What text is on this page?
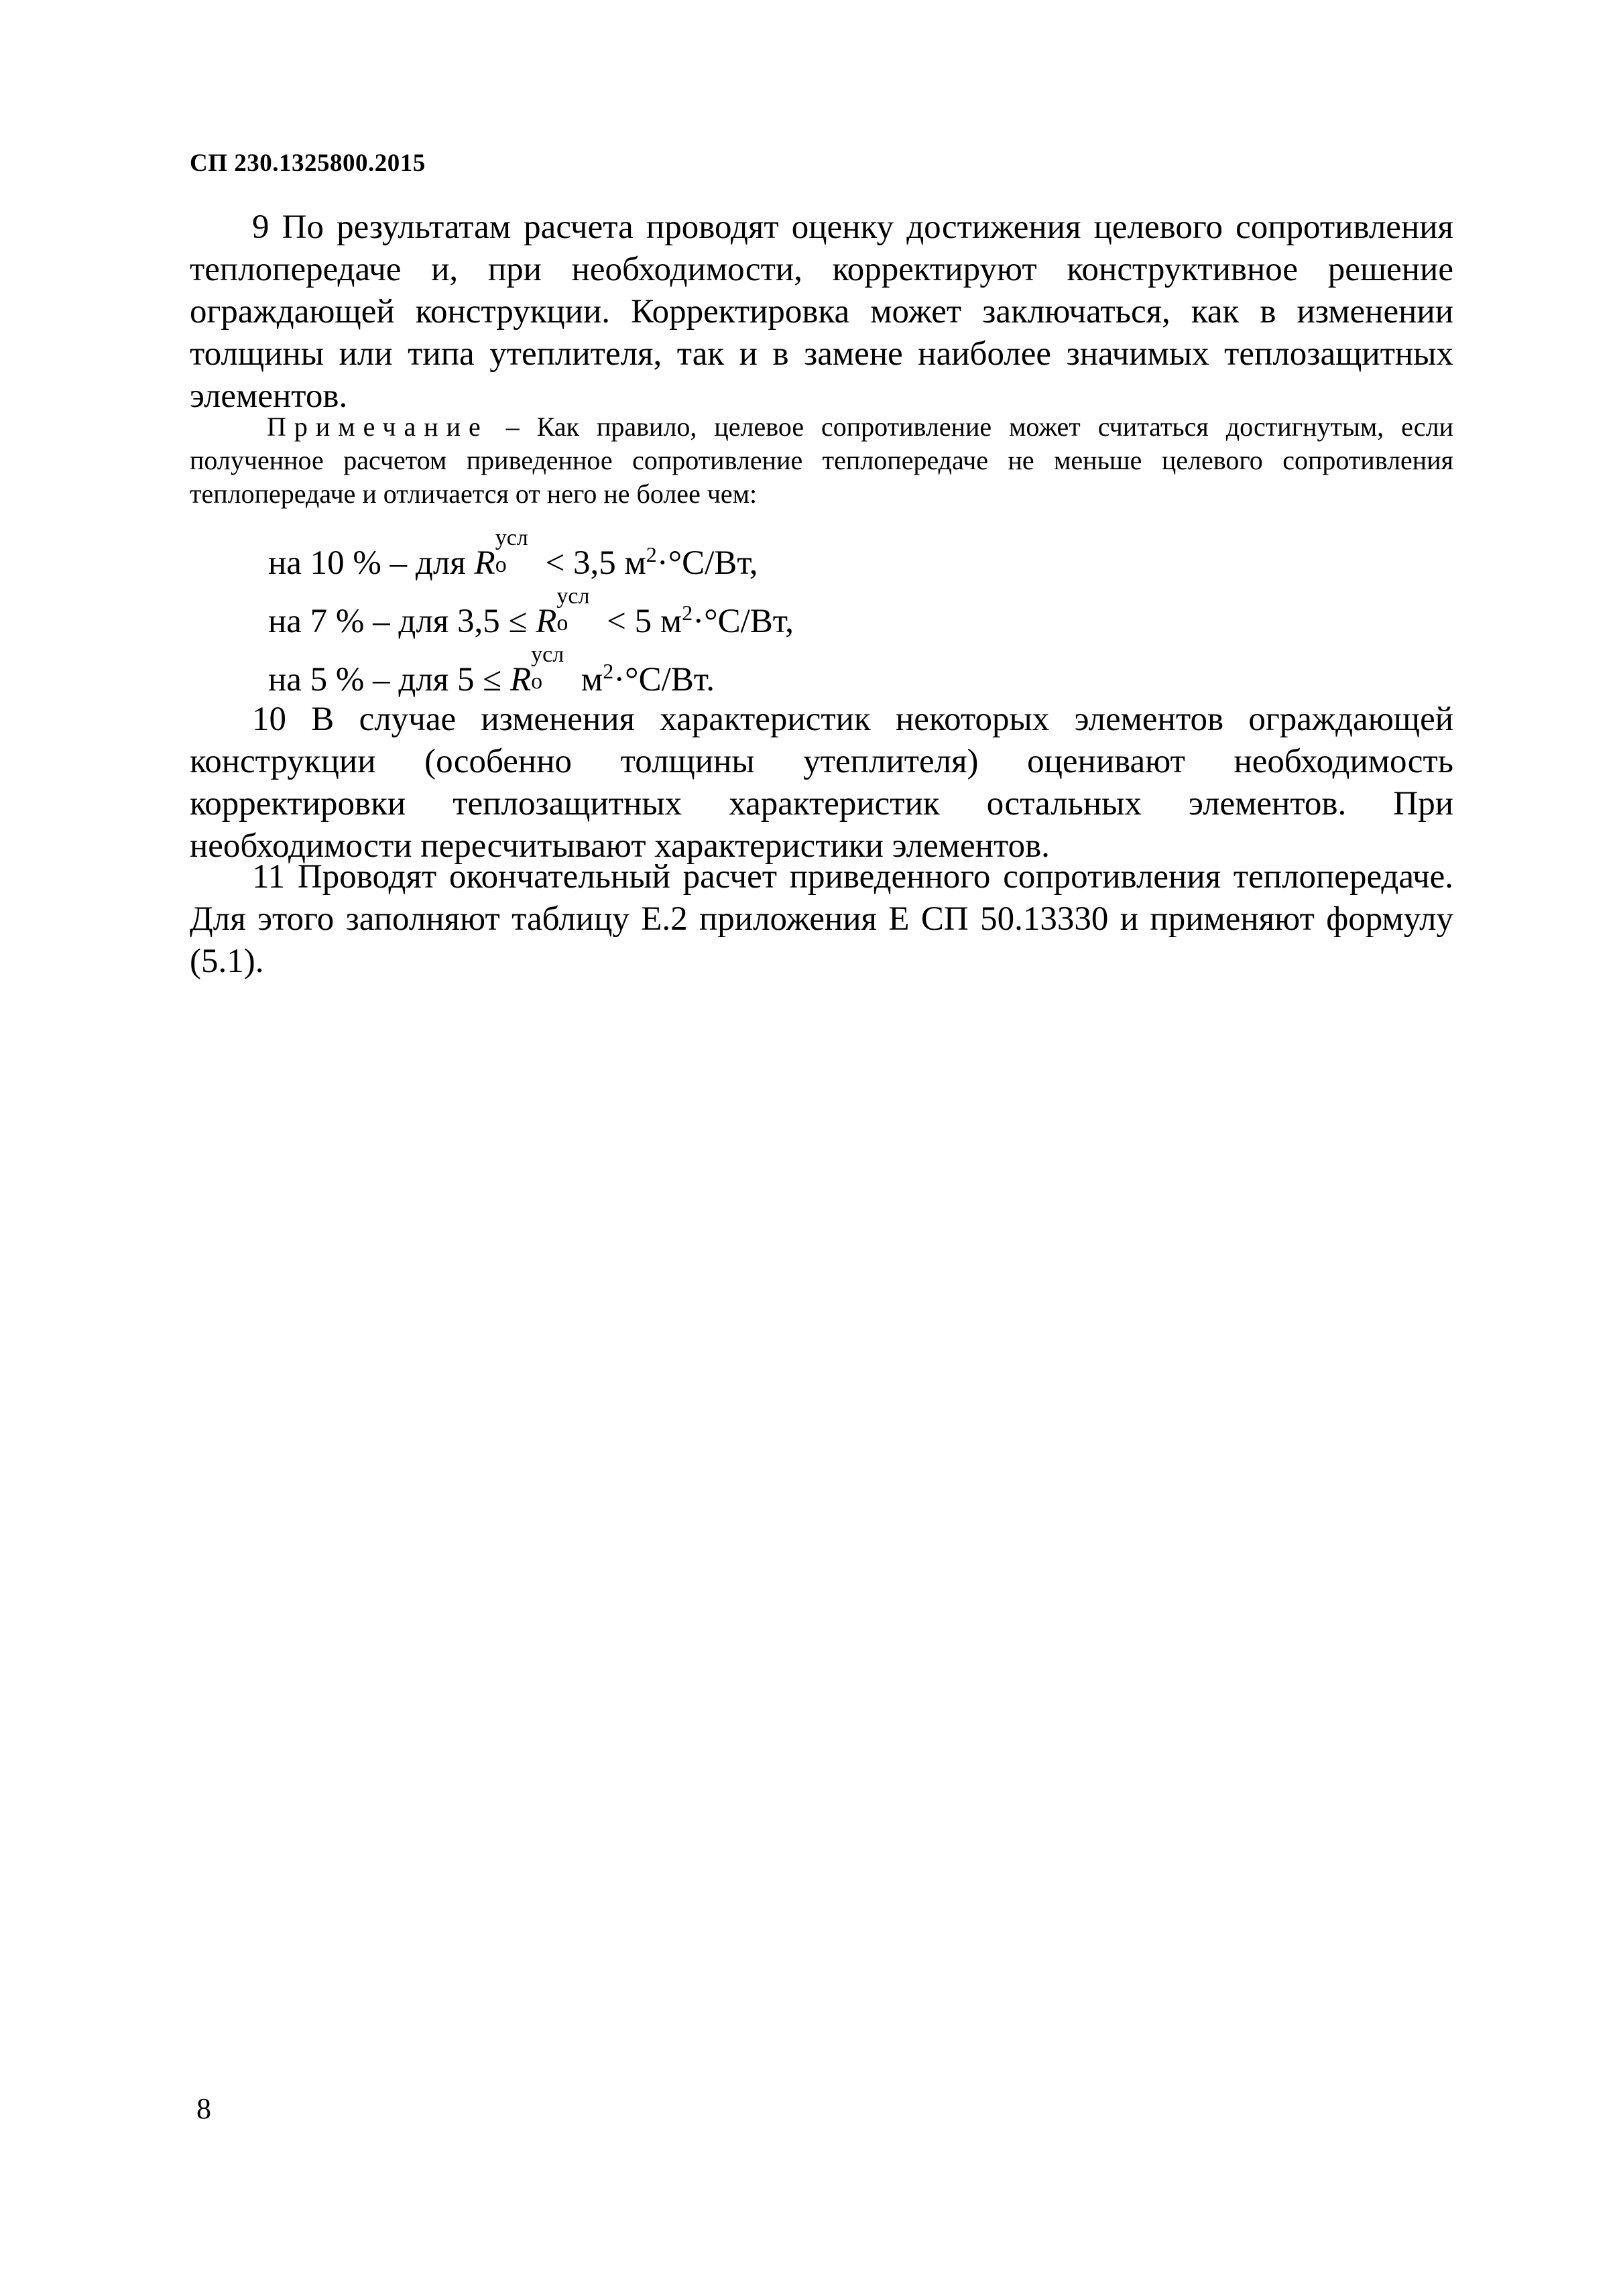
СП 230.1325800.2015
9 По результатам расчета проводят оценку достижения целевого сопротивления теплопередаче и, при необходимости, корректируют конструктивное решение ограждающей конструкции. Корректировка может заключаться, как в изменении толщины или типа утеплителя, так и в замене наиболее значимых теплозащитных элементов.
Примечание – Как правило, целевое сопротивление может считаться достигнутым, если полученное расчетом приведенное сопротивление теплопередаче не меньше целевого сопротивления теплопередаче и отличается от него не более чем:
на 10 % – для R
усл
о < 3,5 $м^2\cdot^\circ С/Вт$,
на 7 % – для 3,5 ≤ R
усл
о < 5 $м^2\cdot^\circ С/Вт$,
на 5 % – для 5 ≤ R
усл
о $м^2\cdot^\circ С/Вт$.
10 В случае изменения характеристик некоторых элементов ограждающей конструкции (особенно толщины утеплителя) оценивают необходимость корректировки теплозащитных характеристик остальных элементов. При необходимости пересчитывают характеристики элементов.
11 Проводят окончательный расчет приведенного сопротивления теплопередаче. Для этого заполняют таблицу Е.2 приложения Е СП 50.13330 и применяют формулу (5.1).
8
